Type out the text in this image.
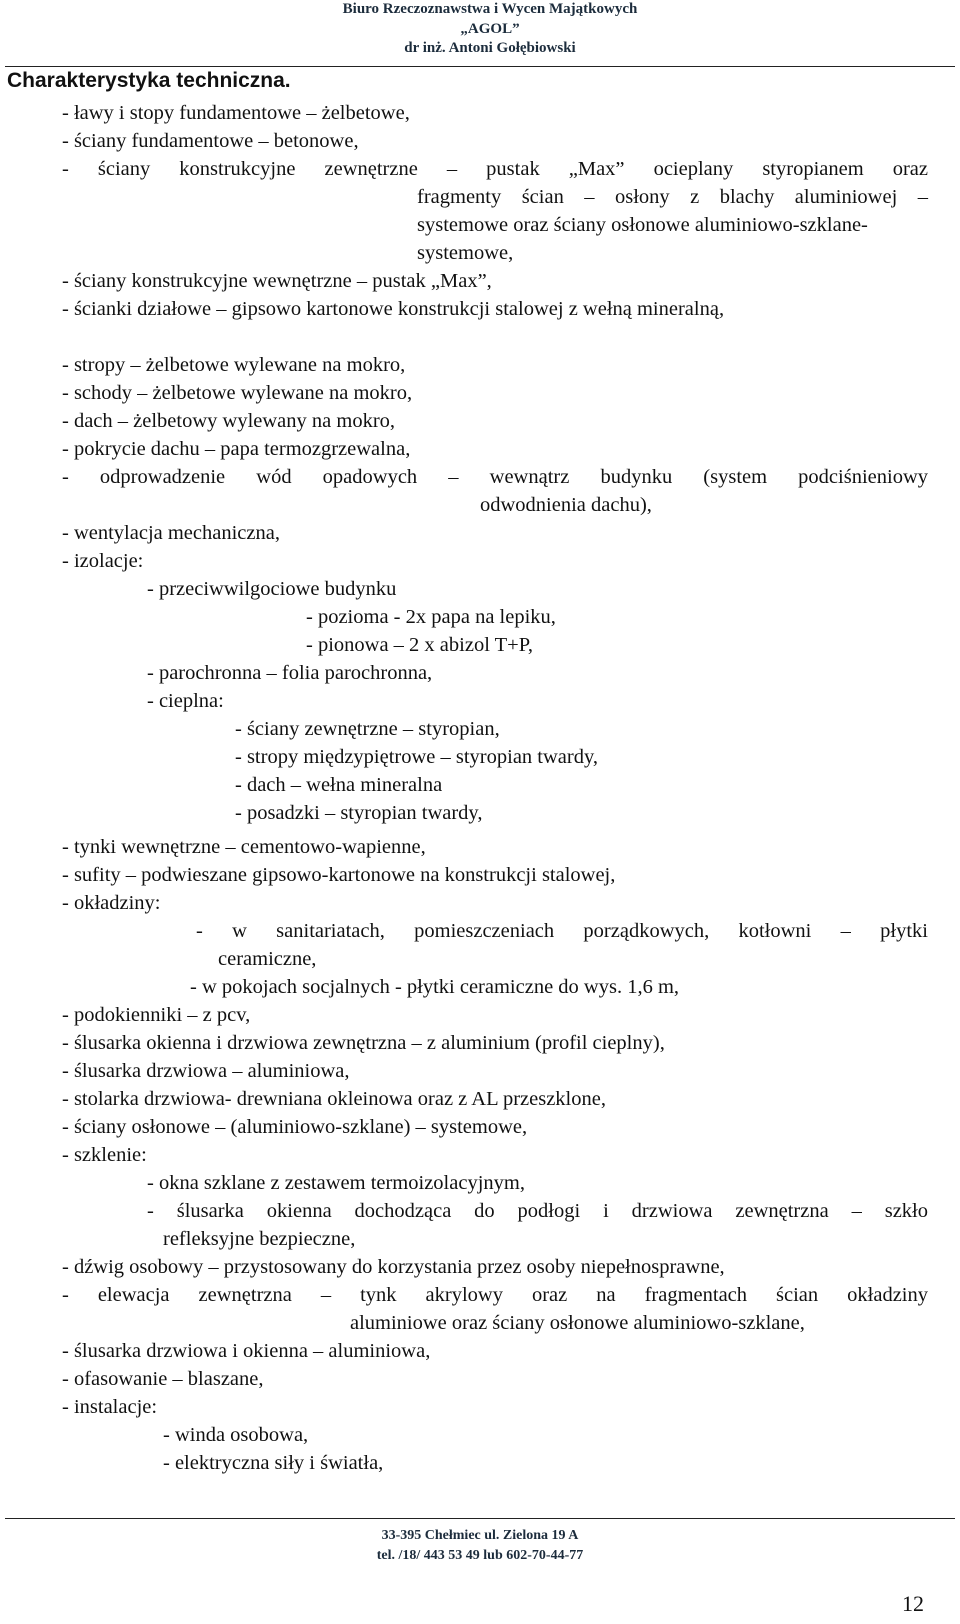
Biuro Rzeczoznawstwa i Wycen Majątkowych
„AGOL”
dr inż. Antoni Gołębiowski
Charakterystyka techniczna.
- ławy i stopy fundamentowe – żelbetowe,
- ściany fundamentowe – betonowe,
- ściany konstrukcyjne zewnętrzne – pustak „Max” ocieplany styropianem oraz
fragmenty ścian – osłony z blachy aluminiowej –
systemowe oraz ściany osłonowe aluminiowo-szklane-
systemowe,
- ściany konstrukcyjne wewnętrzne – pustak „Max”,
- ścianki działowe – gipsowo kartonowe konstrukcji stalowej z wełną mineralną,
- stropy – żelbetowe wylewane na mokro,
- schody – żelbetowe wylewane na mokro,
- dach – żelbetowy wylewany na mokro,
- pokrycie dachu – papa termozgrzewalna,
- odprowadzenie wód opadowych – wewnątrz budynku (system podciśnieniowy
odwodnienia dachu),
- wentylacja mechaniczna,
- izolacje:
- przeciwwilgociowe budynku
- pozioma - 2x papa na lepiku,
- pionowa – 2 x abizol T+P,
- parochronna – folia parochronna,
- cieplna:
- ściany zewnętrzne – styropian,
- stropy międzypiętrowe – styropian twardy,
- dach – wełna mineralna
- posadzki – styropian twardy,
- tynki wewnętrzne – cementowo-wapienne,
- sufity – podwieszane gipsowo-kartonowe na konstrukcji stalowej,
- okładziny:
- w sanitariatach, pomieszczeniach porządkowych, kotłowni – płytki
ceramiczne,
- w pokojach socjalnych - płytki ceramiczne do wys. 1,6 m,
- podokienniki – z pcv,
- ślusarka okienna i drzwiowa zewnętrzna – z aluminium (profil cieplny),
- ślusarka drzwiowa – aluminiowa,
- stolarka drzwiowa- drewniana okleinowa oraz z AL przeszklone,
- ściany osłonowe – (aluminiowo-szklane) – systemowe,
- szklenie:
- okna szklane z zestawem termoizolacyjnym,
- ślusarka okienna dochodząca do podłogi i drzwiowa zewnętrzna – szkło
refleksyjne bezpieczne,
- dźwig osobowy – przystosowany do korzystania przez osoby niepełnosprawne,
- elewacja zewnętrzna – tynk akrylowy oraz na fragmentach ścian okładziny
aluminiowe oraz ściany osłonowe aluminiowo-szklane,
- ślusarka drzwiowa i okienna – aluminiowa,
- ofasowanie – blaszane,
- instalacje:
- winda osobowa,
- elektryczna siły i światła,
33-395 Chełmiec ul. Zielona 19 A
tel. /18/ 443 53 49 lub 602-70-44-77
12
